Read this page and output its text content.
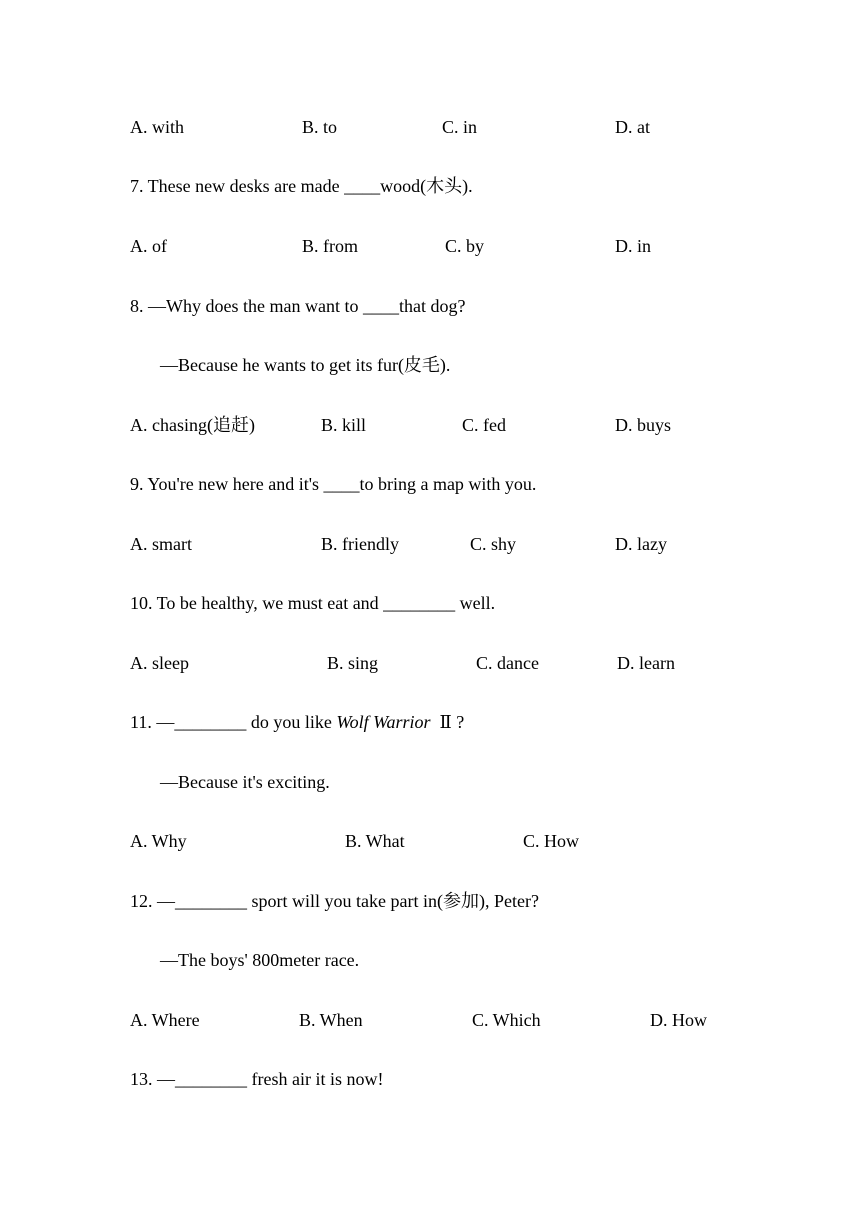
A. with	B. to	C. in	D. at
7. These new desks are made ____wood(木头).
A. of	B. from	C. by	D. in
8. —Why does the man want to ____that dog?
—Because he wants to get its fur(皮毛).
A. chasing(追赶)	B. kill	C. fed	D. buys
9. You're new here and it's ____to bring a map with you.
A. smart	B. friendly	C. shy	D. lazy
10. To be healthy, we must eat and ________ well.
A. sleep	B. sing	C. dance	D. learn
11. —________ do you like Wolf Warrior  Ⅱ ?
—Because it's exciting.
A. Why	B. What	C. How
12. —________ sport will you take part in(参加), Peter?
—The boys' 800meter race.
A. Where	B. When	C. Which	D. How
13. —________ fresh air it is now!
